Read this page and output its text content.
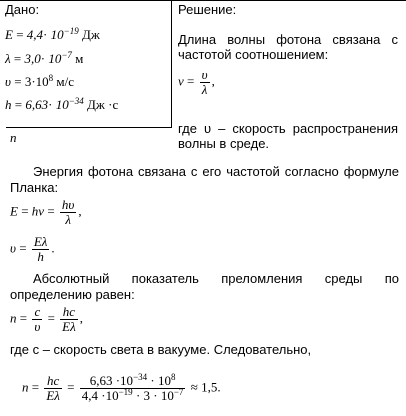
Дано:
$E = 4,4\cdot 10^{-19}$ Дж
$\lambda = 3,0\cdot 10^{-7}$ м
$\upsilon = 3\cdot 10^8$ м/с
$h = 6,63\cdot 10^{-34}$ Дж ·с
n
Решение:
Длина волны фотона связана с
частотой соотношением:
$\nu = \frac{\upsilon}{\lambda}$ ,
где υ – скорость распространения
волны в среде.
Энергия фотона связана с его частотой согласно формуле
Планка:
$E = h\nu = \frac{h\upsilon}{\lambda}$ ,
$\upsilon = \frac{E\lambda}{h}$ .
Абсолютный показатель преломления среды по
определению равен:
$n = \frac{c}{\upsilon} = \frac{hc}{E\lambda}$ ,
где с – скорость света в вакууме. Следовательно,
$n = \frac{hc}{E\lambda} = \frac{6,63 \cdot 10^{-34} \cdot 10^8}{4,4 \cdot 10^{-19} \cdot 3 \cdot 10^{-7}} \approx 1,5$.
